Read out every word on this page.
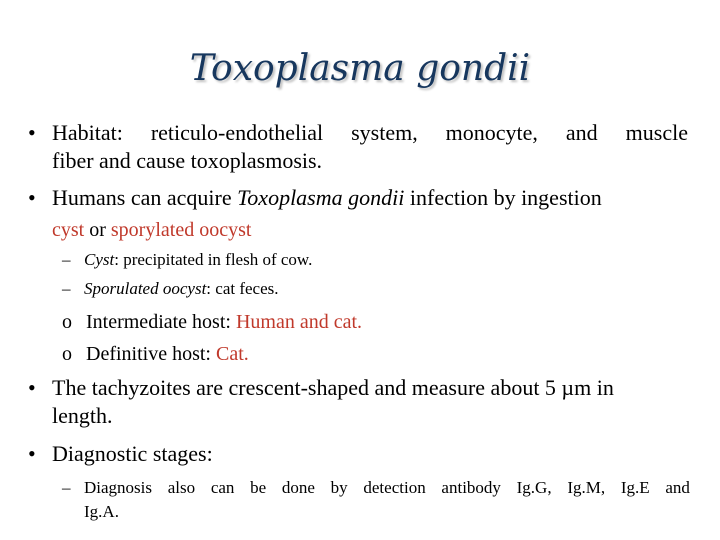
Toxoplasma gondii
• Habitat: reticulo-endothelial system, monocyte, and muscle
fiber and cause toxoplasmosis.
• Humans can acquire Toxoplasma gondii infection by ingestion
cyst or sporylated oocyst
– Cyst: precipitated in flesh of cow.
– Sporulated oocyst: cat feces.
o Intermediate host: Human and cat.
o Definitive host: Cat.
• The tachyzoites are crescent-shaped and measure about 5 µm in
length.
• Diagnostic stages:
– Diagnosis also can be done by detection antibody Ig.G, Ig.M, Ig.E and
Ig.A.
